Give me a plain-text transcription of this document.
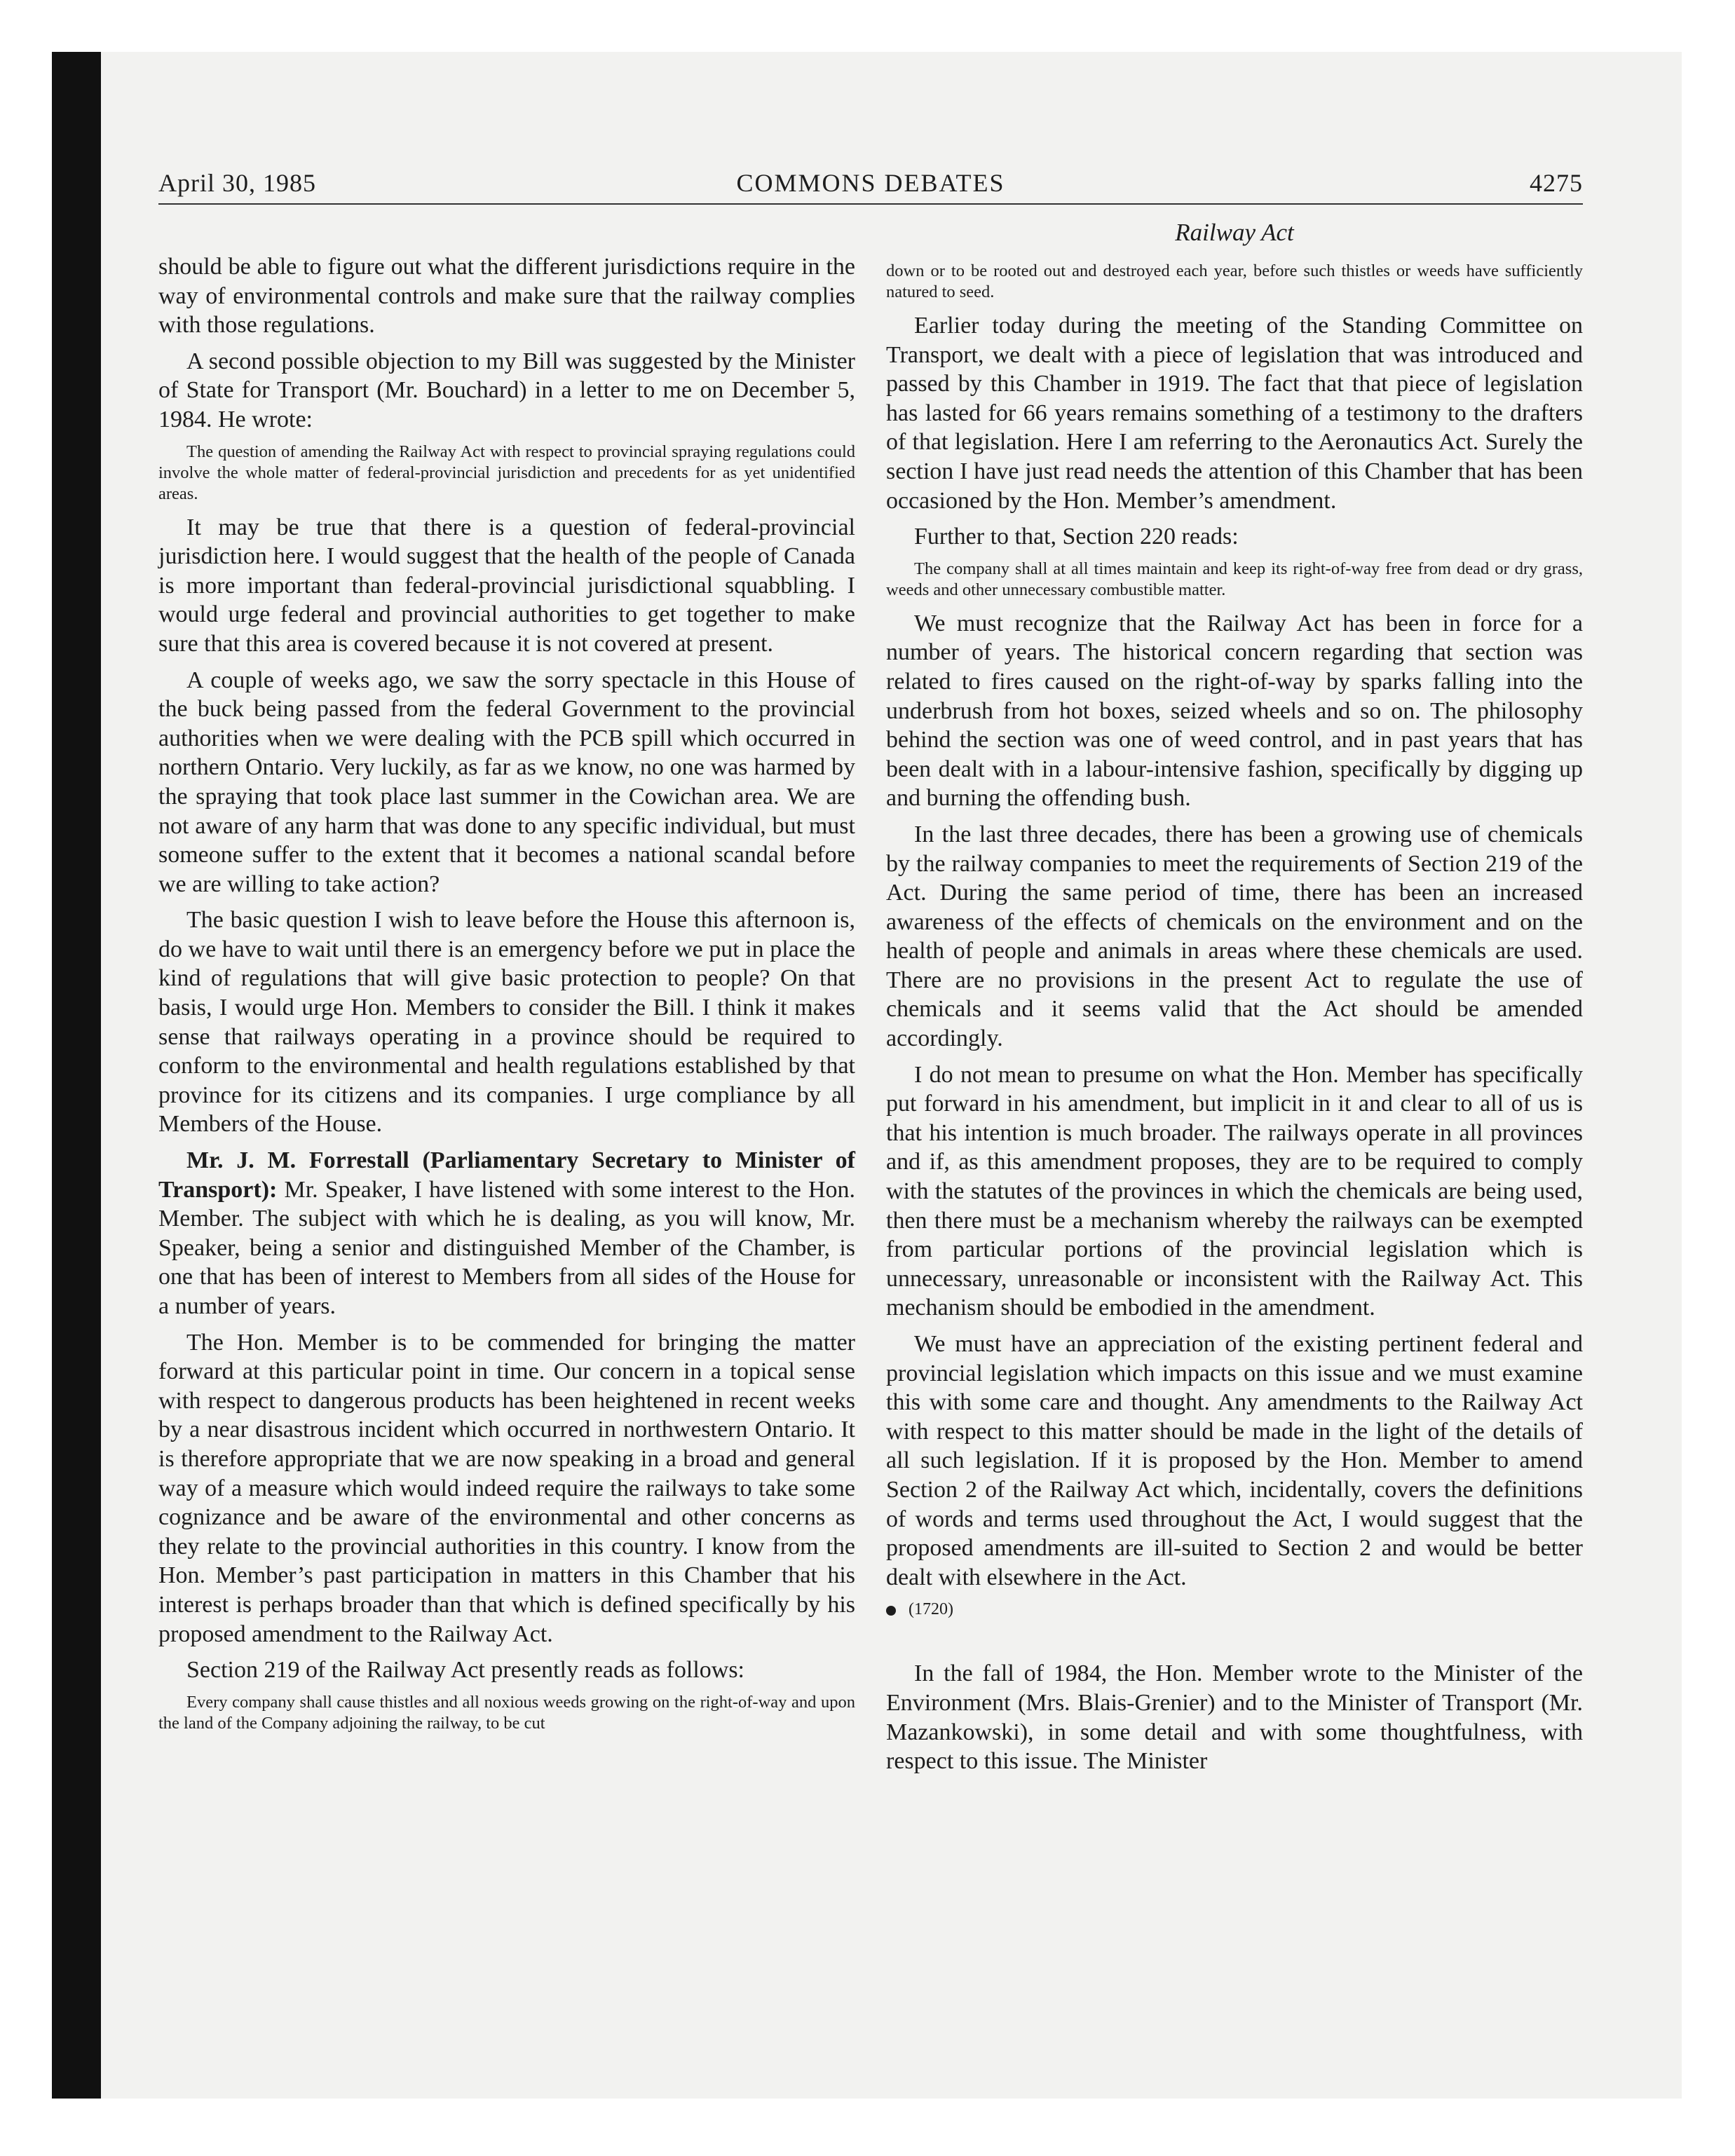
April 30, 1985	COMMONS DEBATES	4275
Railway Act

should be able to figure out what the different jurisdictions require in the way of environmental controls and make sure that the railway complies with those regulations.

A second possible objection to my Bill was suggested by the Minister of State for Transport (Mr. Bouchard) in a letter to me on December 5, 1984. He wrote:

The question of amending the Railway Act with respect to provincial spraying regulations could involve the whole matter of federal-provincial jurisdiction and precedents for as yet unidentified areas.

It may be true that there is a question of federal-provincial jurisdiction here. I would suggest that the health of the people of Canada is more important than federal-provincial jurisdictional squabbling. I would urge federal and provincial authorities to get together to make sure that this area is covered because it is not covered at present.

A couple of weeks ago, we saw the sorry spectacle in this House of the buck being passed from the federal Government to the provincial authorities when we were dealing with the PCB spill which occurred in northern Ontario. Very luckily, as far as we know, no one was harmed by the spraying that took place last summer in the Cowichan area. We are not aware of any harm that was done to any specific individual, but must someone suffer to the extent that it becomes a national scandal before we are willing to take action?

The basic question I wish to leave before the House this afternoon is, do we have to wait until there is an emergency before we put in place the kind of regulations that will give basic protection to people? On that basis, I would urge Hon. Members to consider the Bill. I think it makes sense that railways operating in a province should be required to conform to the environmental and health regulations established by that province for its citizens and its companies. I urge compliance by all Members of the House.

Mr. J. M. Forrestall (Parliamentary Secretary to Minister of Transport): Mr. Speaker, I have listened with some interest to the Hon. Member. The subject with which he is dealing, as you will know, Mr. Speaker, being a senior and distinguished Member of the Chamber, is one that has been of interest to Members from all sides of the House for a number of years.

The Hon. Member is to be commended for bringing the matter forward at this particular point in time. Our concern in a topical sense with respect to dangerous products has been heightened in recent weeks by a near disastrous incident which occurred in northwestern Ontario. It is therefore appropriate that we are now speaking in a broad and general way of a measure which would indeed require the railways to take some cognizance and be aware of the environmental and other concerns as they relate to the provincial authorities in this country. I know from the Hon. Member’s past participation in matters in this Chamber that his interest is perhaps broader than that which is defined specifically by his proposed amendment to the Railway Act.

Section 219 of the Railway Act presently reads as follows:

Every company shall cause thistles and all noxious weeds growing on the right-of-way and upon the land of the Company adjoining the railway, to be cut

down or to be rooted out and destroyed each year, before such thistles or weeds have sufficiently natured to seed.

Earlier today during the meeting of the Standing Committee on Transport, we dealt with a piece of legislation that was introduced and passed by this Chamber in 1919. The fact that that piece of legislation has lasted for 66 years remains something of a testimony to the drafters of that legislation. Here I am referring to the Aeronautics Act. Surely the section I have just read needs the attention of this Chamber that has been occasioned by the Hon. Member’s amendment.

Further to that, Section 220 reads:

The company shall at all times maintain and keep its right-of-way free from dead or dry grass, weeds and other unnecessary combustible matter.

We must recognize that the Railway Act has been in force for a number of years. The historical concern regarding that section was related to fires caused on the right-of-way by sparks falling into the underbrush from hot boxes, seized wheels and so on. The philosophy behind the section was one of weed control, and in past years that has been dealt with in a labour-intensive fashion, specifically by digging up and burning the offending bush.

In the last three decades, there has been a growing use of chemicals by the railway companies to meet the requirements of Section 219 of the Act. During the same period of time, there has been an increased awareness of the effects of chemicals on the environment and on the health of people and animals in areas where these chemicals are used. There are no provisions in the present Act to regulate the use of chemicals and it seems valid that the Act should be amended accordingly.

I do not mean to presume on what the Hon. Member has specifically put forward in his amendment, but implicit in it and clear to all of us is that his intention is much broader. The railways operate in all provinces and if, as this amendment proposes, they are to be required to comply with the statutes of the provinces in which the chemicals are being used, then there must be a mechanism whereby the railways can be exempted from particular portions of the provincial legislation which is unnecessary, unreasonable or inconsistent with the Railway Act. This mechanism should be embodied in the amendment.

We must have an appreciation of the existing pertinent federal and provincial legislation which impacts on this issue and we must examine this with some care and thought. Any amendments to the Railway Act with respect to this matter should be made in the light of the details of all such legislation. If it is proposed by the Hon. Member to amend Section 2 of the Railway Act which, incidentally, covers the definitions of words and terms used throughout the Act, I would suggest that the proposed amendments are ill-suited to Section 2 and would be better dealt with elsewhere in the Act.

(1720)

In the fall of 1984, the Hon. Member wrote to the Minister of the Environment (Mrs. Blais-Grenier) and to the Minister of Transport (Mr. Mazankowski), in some detail and with some thoughtfulness, with respect to this issue. The Minister
